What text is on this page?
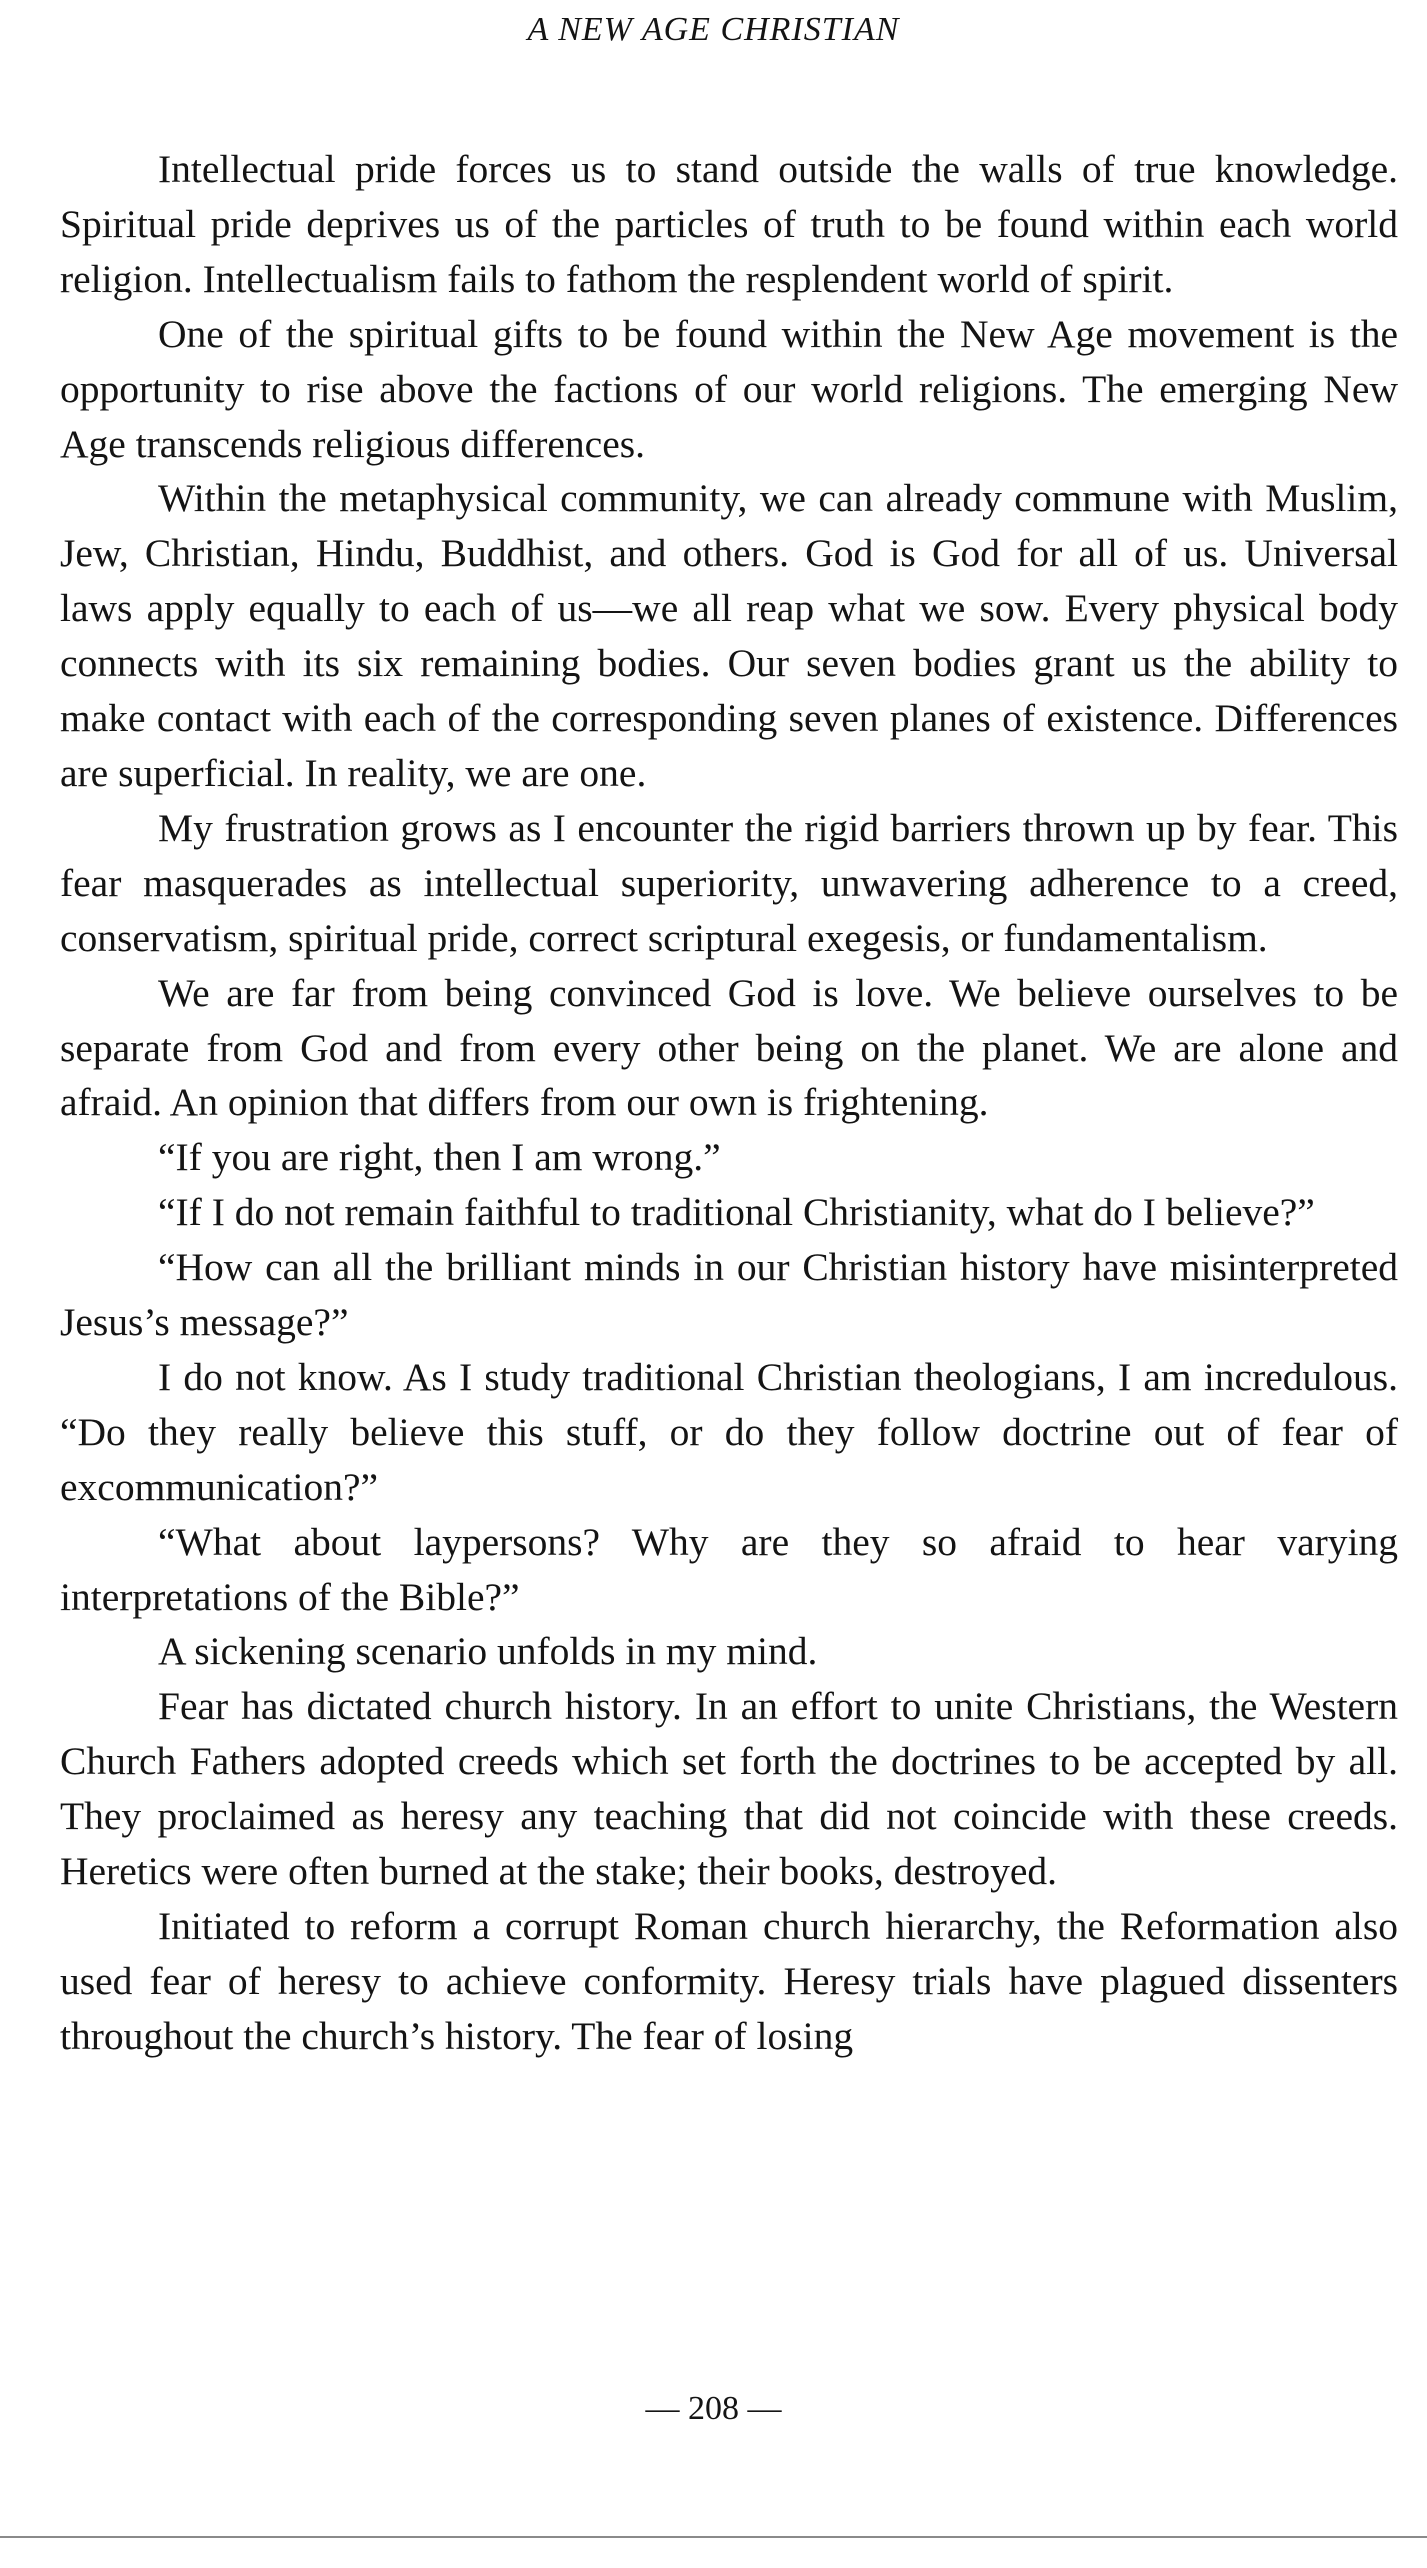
A NEW AGE CHRISTIAN

Intellectual pride forces us to stand outside the walls of true knowledge. Spiritual pride deprives us of the particles of truth to be found within each world religion. Intellectualism fails to fathom the resplendent world of spirit.

One of the spiritual gifts to be found within the New Age movement is the opportunity to rise above the factions of our world religions. The emerging New Age transcends religious differences.

Within the metaphysical community, we can already commune with Muslim, Jew, Christian, Hindu, Buddhist, and others. God is God for all of us. Universal laws apply equally to each of us—we all reap what we sow. Every physical body connects with its six remaining bodies. Our seven bodies grant us the ability to make contact with each of the corresponding seven planes of existence. Differences are superficial. In reality, we are one.

My frustration grows as I encounter the rigid barriers thrown up by fear. This fear masquerades as intellectual superiority, unwavering adherence to a creed, conservatism, spiritual pride, correct scriptural exegesis, or fundamentalism.

We are far from being convinced God is love. We believe ourselves to be separate from God and from every other being on the planet. We are alone and afraid. An opinion that differs from our own is frightening.

“If you are right, then I am wrong.”

“If I do not remain faithful to traditional Christianity, what do I believe?”

“How can all the brilliant minds in our Christian history have misinterpreted Jesus’s message?”

I do not know. As I study traditional Christian theologians, I am incredulous. “Do they really believe this stuff, or do they follow doctrine out of fear of excommunication?”

“What about laypersons? Why are they so afraid to hear varying interpretations of the Bible?”

A sickening scenario unfolds in my mind.

Fear has dictated church history. In an effort to unite Christians, the Western Church Fathers adopted creeds which set forth the doctrines to be accepted by all. They proclaimed as heresy any teaching that did not coincide with these creeds. Heretics were often burned at the stake; their books, destroyed.

Initiated to reform a corrupt Roman church hierarchy, the Reformation also used fear of heresy to achieve conformity. Heresy trials have plagued dissenters throughout the church’s history. The fear of losing

— 208 —
